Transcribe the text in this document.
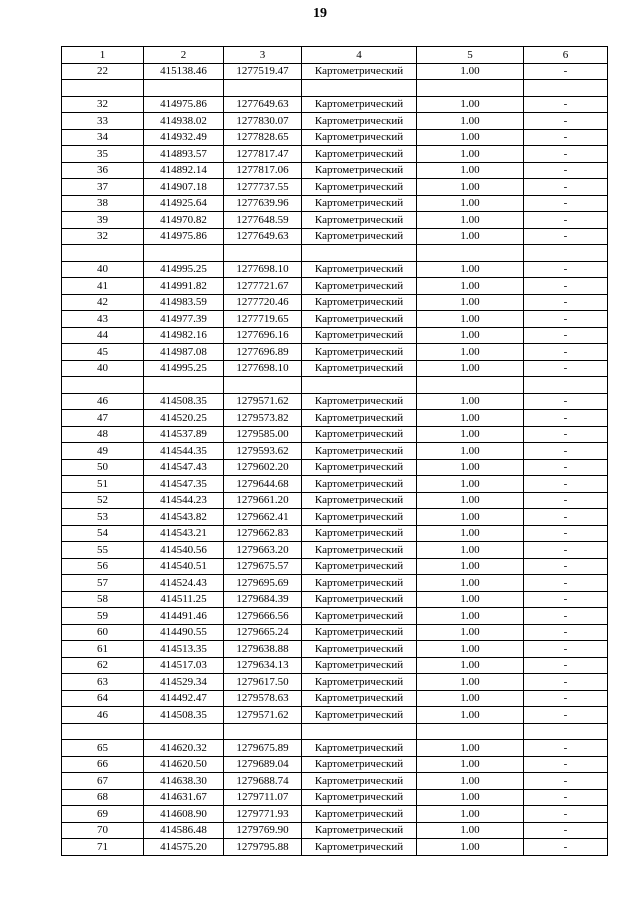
19
1	2	3	4	5	6
22	415138.46	1277519.47	Картометрический	1.00	-

32	414975.86	1277649.63	Картометрический	1.00	-
33	414938.02	1277830.07	Картометрический	1.00	-
34	414932.49	1277828.65	Картометрический	1.00	-
35	414893.57	1277817.47	Картометрический	1.00	-
36	414892.14	1277817.06	Картометрический	1.00	-
37	414907.18	1277737.55	Картометрический	1.00	-
38	414925.64	1277639.96	Картометрический	1.00	-
39	414970.82	1277648.59	Картометрический	1.00	-
32	414975.86	1277649.63	Картометрический	1.00	-

40	414995.25	1277698.10	Картометрический	1.00	-
41	414991.82	1277721.67	Картометрический	1.00	-
42	414983.59	1277720.46	Картометрический	1.00	-
43	414977.39	1277719.65	Картометрический	1.00	-
44	414982.16	1277696.16	Картометрический	1.00	-
45	414987.08	1277696.89	Картометрический	1.00	-
40	414995.25	1277698.10	Картометрический	1.00	-

46	414508.35	1279571.62	Картометрический	1.00	-
47	414520.25	1279573.82	Картометрический	1.00	-
48	414537.89	1279585.00	Картометрический	1.00	-
49	414544.35	1279593.62	Картометрический	1.00	-
50	414547.43	1279602.20	Картометрический	1.00	-
51	414547.35	1279644.68	Картометрический	1.00	-
52	414544.23	1279661.20	Картометрический	1.00	-
53	414543.82	1279662.41	Картометрический	1.00	-
54	414543.21	1279662.83	Картометрический	1.00	-
55	414540.56	1279663.20	Картометрический	1.00	-
56	414540.51	1279675.57	Картометрический	1.00	-
57	414524.43	1279695.69	Картометрический	1.00	-
58	414511.25	1279684.39	Картометрический	1.00	-
59	414491.46	1279666.56	Картометрический	1.00	-
60	414490.55	1279665.24	Картометрический	1.00	-
61	414513.35	1279638.88	Картометрический	1.00	-
62	414517.03	1279634.13	Картометрический	1.00	-
63	414529.34	1279617.50	Картометрический	1.00	-
64	414492.47	1279578.63	Картометрический	1.00	-
46	414508.35	1279571.62	Картометрический	1.00	-

65	414620.32	1279675.89	Картометрический	1.00	-
66	414620.50	1279689.04	Картометрический	1.00	-
67	414638.30	1279688.74	Картометрический	1.00	-
68	414631.67	1279711.07	Картометрический	1.00	-
69	414608.90	1279771.93	Картометрический	1.00	-
70	414586.48	1279769.90	Картометрический	1.00	-
71	414575.20	1279795.88	Картометрический	1.00	-
